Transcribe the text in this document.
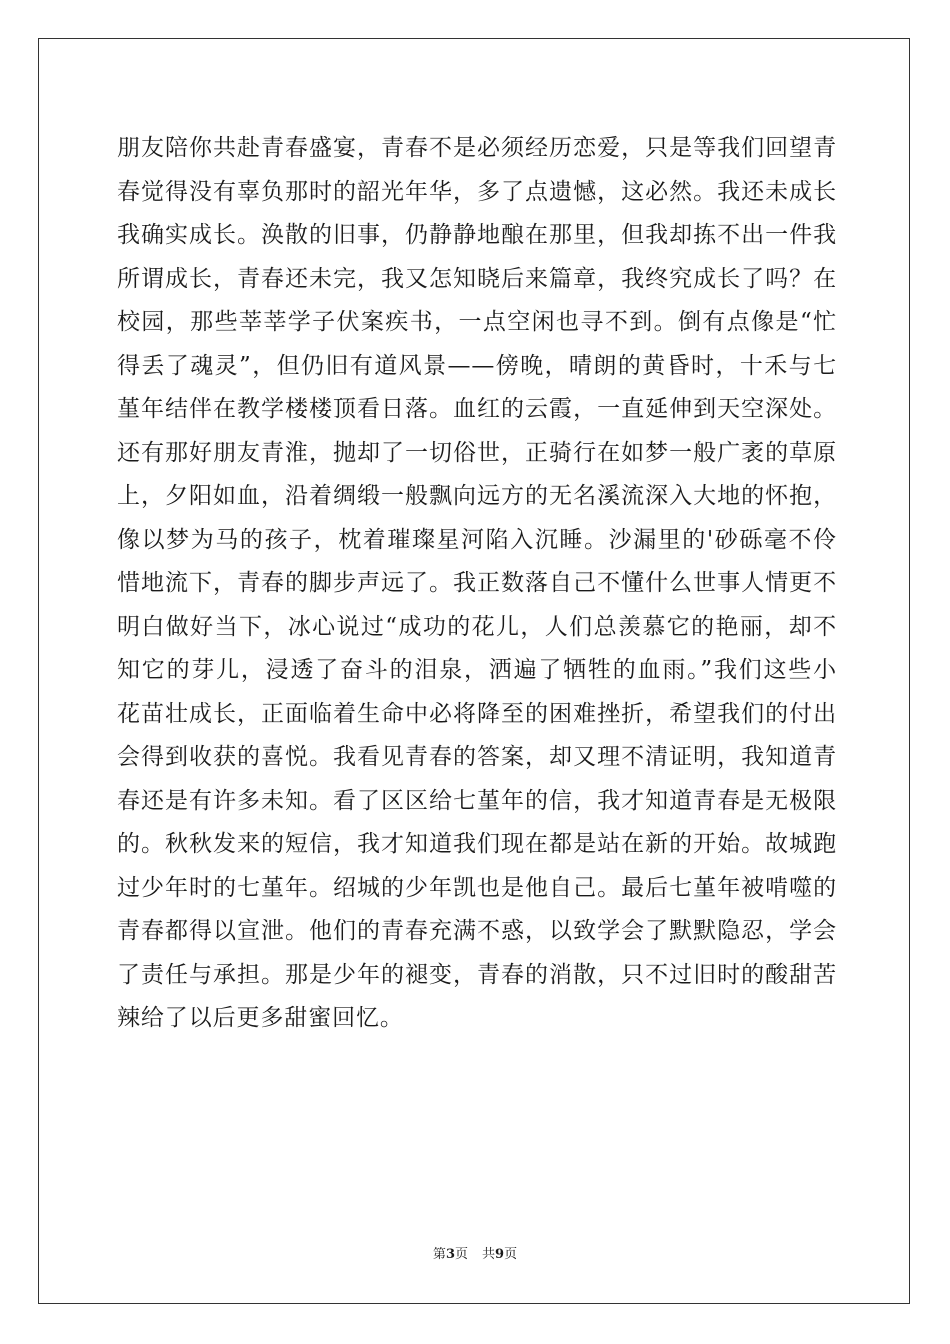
朋友陪你共赴青春盛宴，青春不是必须经历恋爱，只是等我们回望青
春觉得没有辜负那时的韶光年华，多了点遗憾，这必然。我还未成长
我确实成长。涣散的旧事，仍静静地酿在那里，但我却拣不出一件我
所谓成长，青春还未完，我又怎知晓后来篇章，我终究成长了吗？在
校园，那些莘莘学子伏案疾书，一点空闲也寻不到。倒有点像是“忙
得丢了魂灵”，但仍旧有道风景——傍晚，晴朗的黄昏时，十禾与七
堇年结伴在教学楼楼顶看日落。血红的云霞，一直延伸到天空深处。
还有那好朋友青淮，抛却了一切俗世，正骑行在如梦一般广袤的草原
上，夕阳如血，沿着绸缎一般飘向远方的无名溪流深入大地的怀抱，
像以梦为马的孩子，枕着璀璨星河陷入沉睡。沙漏里的'砂砾毫不伶
惜地流下，青春的脚步声远了。我正数落自己不懂什么世事人情更不
明白做好当下，冰心说过“成功的花儿，人们总羡慕它的艳丽，却不
知它的芽儿，浸透了奋斗的泪泉，洒遍了牺牲的血雨。”我们这些小
花苗壮成长，正面临着生命中必将降至的困难挫折，希望我们的付出
会得到收获的喜悦。我看见青春的答案，却又理不清证明，我知道青
春还是有许多未知。看了区区给七堇年的信，我才知道青春是无极限
的。秋秋发来的短信，我才知道我们现在都是站在新的开始。故城跑
过少年时的七堇年。绍城的少年凯也是他自己。最后七堇年被啃噬的
青春都得以宣泄。他们的青春充满不惑，以致学会了默默隐忍，学会
了责任与承担。那是少年的褪变，青春的消散，只不过旧时的酸甜苦
辣给了以后更多甜蜜回忆。
第3页 共9页
